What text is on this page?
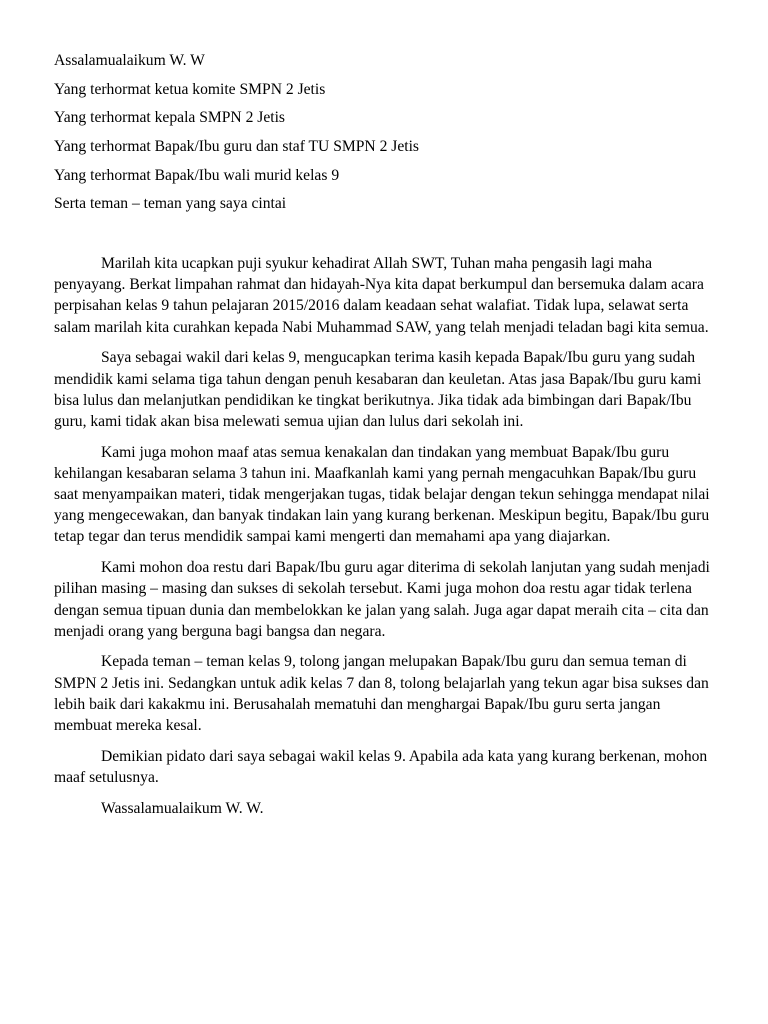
Assalamualaikum W. W

Yang terhormat ketua komite SMPN 2 Jetis

Yang terhormat kepala SMPN 2 Jetis

Yang terhormat Bapak/Ibu guru dan staf TU SMPN 2 Jetis

Yang terhormat Bapak/Ibu wali murid kelas 9

Serta teman – teman yang saya cintai

Marilah kita ucapkan puji syukur kehadirat Allah SWT, Tuhan maha pengasih lagi maha penyayang. Berkat limpahan rahmat dan hidayah-Nya kita dapat berkumpul dan bersemuka dalam acara perpisahan kelas 9 tahun pelajaran 2015/2016 dalam keadaan sehat walafiat. Tidak lupa, selawat serta salam marilah kita curahkan kepada Nabi Muhammad SAW, yang telah menjadi teladan bagi kita semua.

Saya sebagai wakil dari kelas 9, mengucapkan terima kasih kepada Bapak/Ibu guru yang sudah mendidik kami selama tiga tahun dengan penuh kesabaran dan keuletan. Atas jasa Bapak/Ibu guru kami bisa lulus dan melanjutkan pendidikan ke tingkat berikutnya. Jika tidak ada bimbingan dari Bapak/Ibu guru, kami tidak akan bisa melewati semua ujian dan lulus dari sekolah ini.

Kami juga mohon maaf atas semua kenakalan dan tindakan yang membuat Bapak/Ibu guru kehilangan kesabaran selama 3 tahun ini. Maafkanlah kami yang pernah mengacuhkan Bapak/Ibu guru saat menyampaikan materi, tidak mengerjakan tugas, tidak belajar dengan tekun sehingga mendapat nilai yang mengecewakan, dan banyak tindakan lain yang kurang berkenan. Meskipun begitu, Bapak/Ibu guru tetap tegar dan terus mendidik sampai kami mengerti dan memahami apa yang diajarkan.

Kami mohon doa restu dari Bapak/Ibu guru agar diterima di sekolah lanjutan yang sudah menjadi pilihan masing – masing dan sukses di sekolah tersebut. Kami juga mohon doa restu agar tidak terlena dengan semua tipuan dunia dan membelokkan ke jalan yang salah. Juga agar dapat meraih cita – cita dan menjadi orang yang berguna bagi bangsa dan negara.

Kepada teman – teman kelas 9, tolong jangan melupakan Bapak/Ibu guru dan semua teman di SMPN 2 Jetis ini. Sedangkan untuk adik kelas 7 dan 8, tolong belajarlah yang tekun agar bisa sukses dan lebih baik dari kakakmu ini. Berusahalah mematuhi dan menghargai Bapak/Ibu guru serta jangan membuat mereka kesal.

Demikian pidato dari saya sebagai wakil kelas 9. Apabila ada kata yang kurang berkenan, mohon maaf setulusnya.

Wassalamualaikum W. W.
